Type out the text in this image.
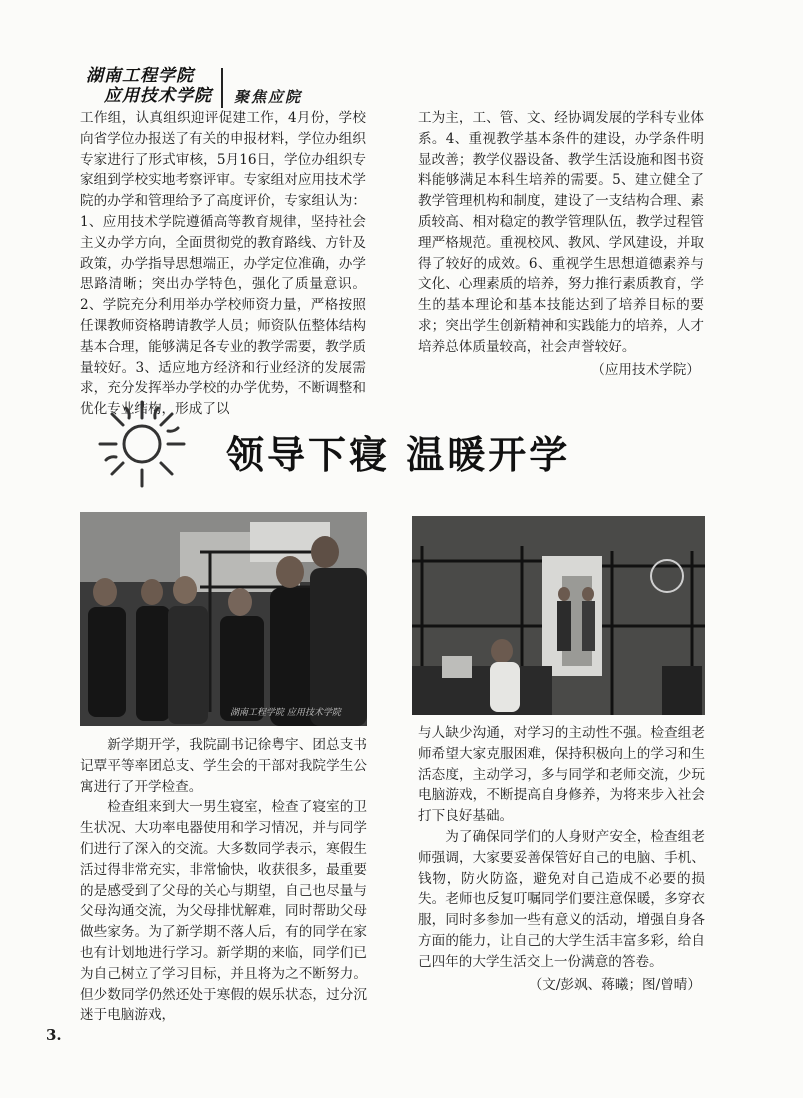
湖南工程学院
应用技术学院 聚焦应院

工作组，认真组织迎评促建工作，4月份，学校向省学位办报送了有关的申报材料，学位办组织专家进行了形式审核，5月16日，学位办组织专家组到学校实地考察评审。专家组对应用技术学院的办学和管理给予了高度评价，专家组认为：1、应用技术学院遵循高等教育规律，坚持社会主义办学方向，全面贯彻党的教育路线、方针及政策，办学指导思想端正，办学定位准确，办学思路清晰；突出办学特色，强化了质量意识。2、学院充分利用举办学校师资力量，严格按照任课教师资格聘请教学人员；师资队伍整体结构基本合理，能够满足各专业的教学需要，教学质量较好。3、适应地方经济和行业经济的发展需求，充分发挥举办学校的办学优势，不断调整和优化专业结构，形成了以

工为主，工、管、文、经协调发展的学科专业体系。4、重视教学基本条件的建设，办学条件明显改善；教学仪器设备、教学生活设施和图书资料能够满足本科生培养的需要。5、建立健全了教学管理机构和制度，建设了一支结构合理、素质较高、相对稳定的教学管理队伍，教学过程管理严格规范。重视校风、教风、学风建设，并取得了较好的成效。6、重视学生思想道德素养与文化、心理素质的培养，努力推行素质教育，学生的基本理论和基本技能达到了培养目标的要求；突出学生创新精神和实践能力的培养，人才培养总体质量较高，社会声誉较好。

（应用技术学院）

领导下寝 温暖开学
湖南工程学院 应用技术学院

新学期开学，我院副书记徐粤宇、团总支书记覃平等率团总支、学生会的干部对我院学生公寓进行了开学检查。

检查组来到大一男生寝室，检查了寝室的卫生状况、大功率电器使用和学习情况，并与同学们进行了深入的交流。大多数同学表示，寒假生活过得非常充实，非常愉快，收获很多，最重要的是感受到了父母的关心与期望，自己也尽量与父母沟通交流，为父母排忧解难，同时帮助父母做些家务。为了新学期不落人后，有的同学在家也有计划地进行学习。新学期的来临，同学们已为自己树立了学习目标，并且将为之不断努力。但少数同学仍然还处于寒假的娱乐状态，过分沉迷于电脑游戏，

与人缺少沟通，对学习的主动性不强。检查组老师希望大家克服困难，保持积极向上的学习和生活态度，主动学习，多与同学和老师交流，少玩电脑游戏，不断提高自身修养，为将来步入社会打下良好基础。

为了确保同学们的人身财产安全，检查组老师强调，大家要妥善保管好自己的电脑、手机、钱物，防火防盗，避免对自己造成不必要的损失。老师也反复叮嘱同学们要注意保暖，多穿衣服，同时多参加一些有意义的活动，增强自身各方面的能力，让自己的大学生活丰富多彩，给自己四年的大学生活交上一份满意的答卷。

（文/彭飒、蒋曦；图/曾晴）

3.
